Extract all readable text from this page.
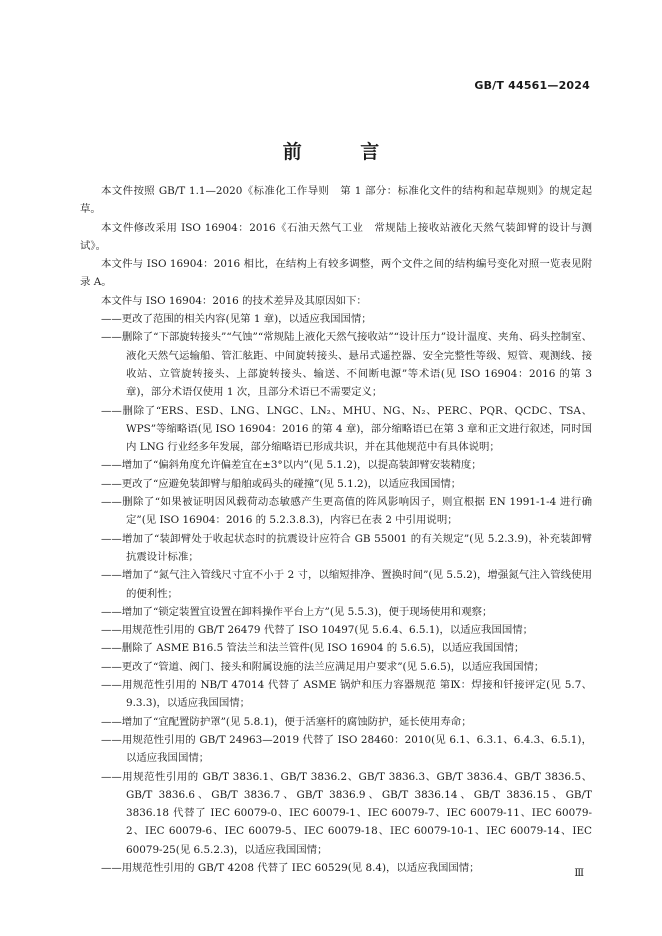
GB/T 44561—2024
前 言

本文件按照 GB/T 1.1—2020《标准化工作导则　第 1 部分：标准化文件的结构和起草规则》的规定起草。

本文件修改采用 ISO 16904：2016《石油天然气工业　常规陆上接收站液化天然气装卸臂的设计与测试》。

本文件与 ISO 16904：2016 相比，在结构上有较多调整，两个文件之间的结构编号变化对照一览表见附录 A。

本文件与 ISO 16904：2016 的技术差异及其原因如下：

——更改了范围的相关内容(见第 1 章)，以适应我国国情；

——删除了“下部旋转接头”“气蚀”“常规陆上液化天然气接收站”“设计压力”设计温度、夹角、码头控制室、液化天然气运输船、管汇舷距、中间旋转接头、悬吊式遥控器、安全完整性等级、短管、观测线、接收站、立管旋转接头、上部旋转接头、输送、不间断电源”等术语(见 ISO 16904：2016 的第 3 章)，部分术语仅使用 1 次，且部分术语已不需要定义；

——删除了“ERS、ESD、LNG、LNGC、LN₂、MHU、NG、N₂、PERC、PQR、QCDC、TSA、WPS”等缩略语(见 ISO 16904：2016 的第 4 章)，部分缩略语已在第 3 章和正文进行叙述，同时国内 LNG 行业经多年发展，部分缩略语已形成共识，并在其他规范中有具体说明；

——增加了“偏斜角度允许偏差宜在±3°以内”(见 5.1.2)，以提高装卸臂安装精度；

——更改了“应避免装卸臂与船舶或码头的碰撞”(见 5.1.2)，以适应我国国情；

——删除了“如果被证明因风载荷动态敏感产生更高值的阵风影响因子，则宜根据 EN 1991-1-4 进行确定”(见 ISO 16904：2016 的 5.2.3.8.3)，内容已在表 2 中引用说明；

——增加了“装卸臂处于收起状态时的抗震设计应符合 GB 55001 的有关规定”(见 5.2.3.9)，补充装卸臂抗震设计标准；

——增加了“氮气注入管线尺寸宜不小于 2 寸，以缩短排净、置换时间”(见 5.5.2)，增强氮气注入管线使用的便利性；

——增加了“锁定装置宜设置在卸料操作平台上方”(见 5.5.3)，便于现场使用和观察；

——用规范性引用的 GB/T 26479 代替了 ISO 10497(见 5.6.4、6.5.1)，以适应我国国情；

——删除了 ASME B16.5 管法兰和法兰管件(见 ISO 16904 的 5.6.5)，以适应我国国情；

——更改了“管道、阀门、接头和附属设施的法兰应满足用户要求”(见 5.6.5)，以适应我国国情；

——用规范性引用的 NB/T 47014 代替了 ASME 锅炉和压力容器规范 第Ⅸ：焊接和钎接评定(见 5.7、9.3.3)，以适应我国国情；

——增加了“宜配置防护罩”(见 5.8.1)，便于活塞杆的腐蚀防护，延长使用寿命；

——用规范性引用的 GB/T 24963—2019 代替了 ISO 28460：2010(见 6.1、6.3.1、6.4.3、6.5.1)，以适应我国国情；

——用规范性引用的 GB/T 3836.1、GB/T 3836.2、GB/T 3836.3、GB/T 3836.4、GB/T 3836.5、GB/T 3836.6、GB/T 3836.7、GB/T 3836.9、GB/T 3836.14、GB/T 3836.15、GB/T 3836.18 代替了 IEC 60079-0、IEC 60079-1、IEC 60079-7、IEC 60079-11、IEC 60079-2、IEC 60079-6、IEC 60079-5、IEC 60079-18、IEC 60079-10-1、IEC 60079-14、IEC 60079-25(见 6.5.2.3)，以适应我国国情；

——用规范性引用的 GB/T 4208 代替了 IEC 60529(见 8.4)，以适应我国国情；	Ⅲ
